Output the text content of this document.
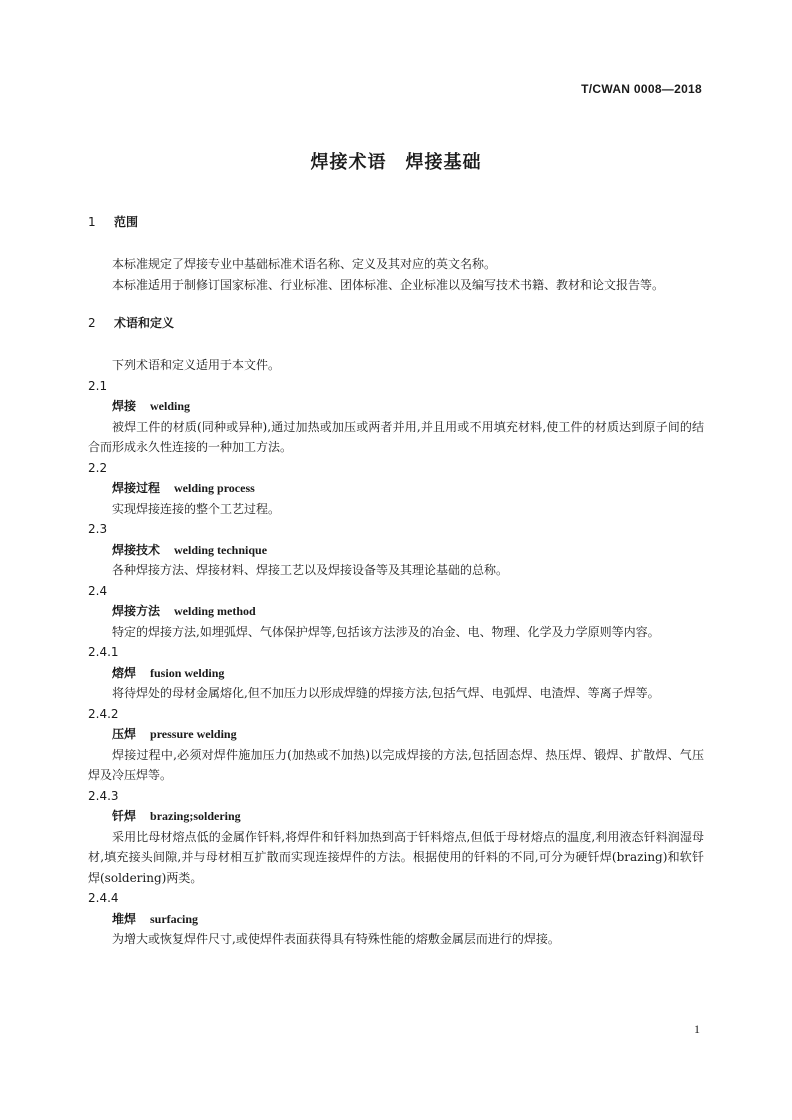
T/CWAN 0008—2018
焊接术语　焊接基础
1 范围

本标准规定了焊接专业中基础标准术语名称、定义及其对应的英文名称。

本标准适用于制修订国家标准、行业标准、团体标准、企业标准以及编写技术书籍、教材和论文报告等。

2 术语和定义

下列术语和定义适用于本文件。

2.1
焊接 welding

被焊工件的材质(同种或异种),通过加热或加压或两者并用,并且用或不用填充材料,使工件的材质达到原子间的结合而形成永久性连接的一种加工方法。

2.2
焊接过程 welding process

实现焊接连接的整个工艺过程。

2.3
焊接技术 welding technique

各种焊接方法、焊接材料、焊接工艺以及焊接设备等及其理论基础的总称。

2.4
焊接方法 welding method

特定的焊接方法,如埋弧焊、气体保护焊等,包括该方法涉及的冶金、电、物理、化学及力学原则等内容。

2.4.1
熔焊 fusion welding

将待焊处的母材金属熔化,但不加压力以形成焊缝的焊接方法,包括气焊、电弧焊、电渣焊、等离子焊等。

2.4.2
压焊 pressure welding

焊接过程中,必须对焊件施加压力(加热或不加热)以完成焊接的方法,包括固态焊、热压焊、锻焊、扩散焊、气压焊及冷压焊等。

2.4.3
钎焊 brazing;soldering

采用比母材熔点低的金属作钎料,将焊件和钎料加热到高于钎料熔点,但低于母材熔点的温度,利用液态钎料润湿母材,填充接头间隙,并与母材相互扩散而实现连接焊件的方法。根据使用的钎料的不同,可分为硬钎焊(brazing)和软钎焊(soldering)两类。

2.4.4
堆焊 surfacing

为增大或恢复焊件尺寸,或使焊件表面获得具有特殊性能的熔敷金属层而进行的焊接。

1
